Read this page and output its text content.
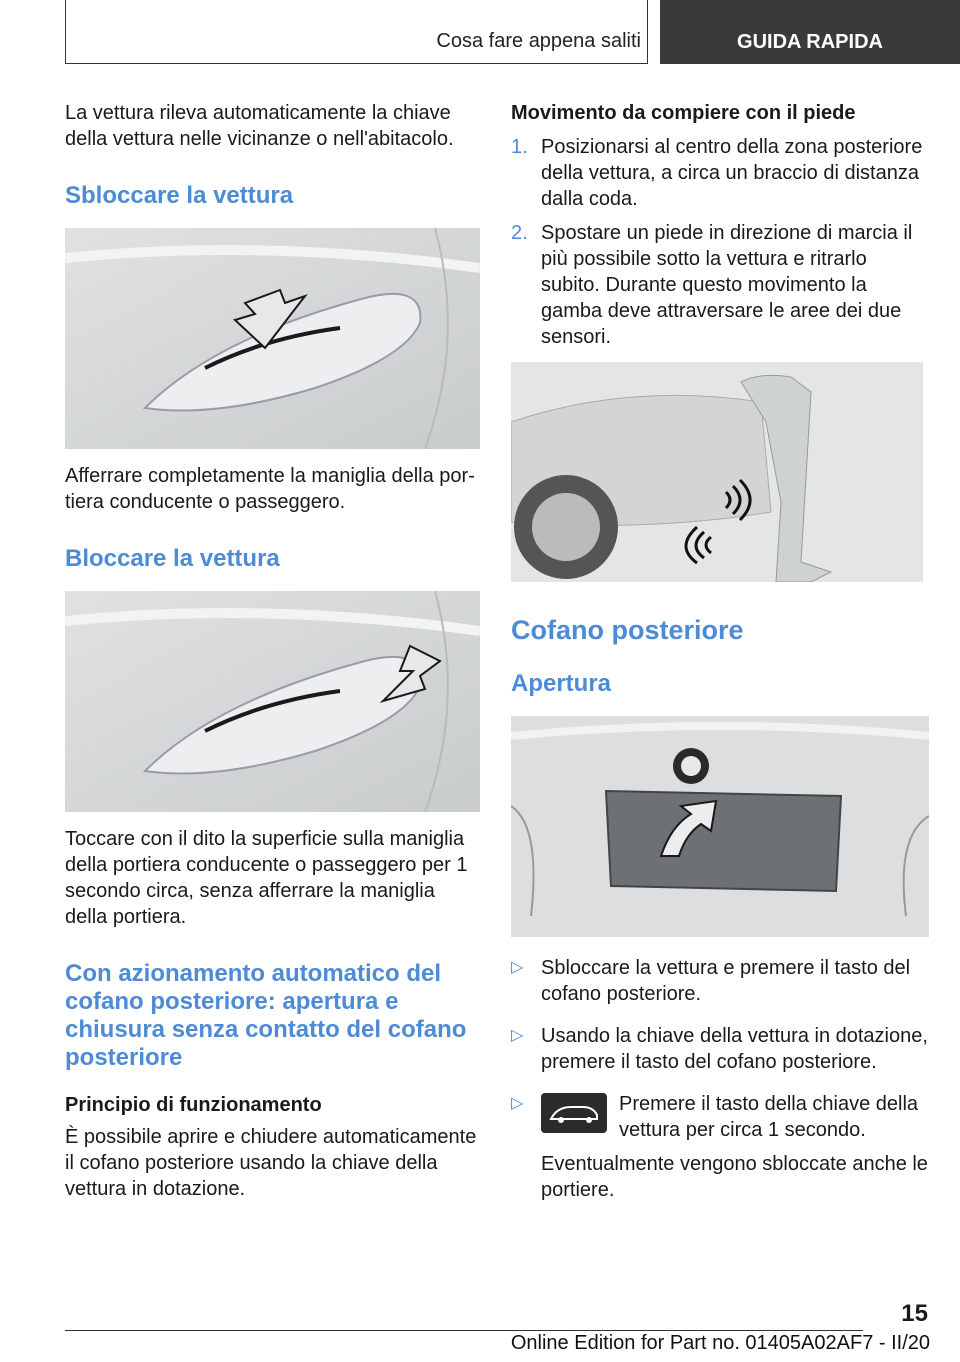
Cosa fare appena saliti	GUIDA RAPIDA

La vettura rileva automaticamente la chiave della vettura nelle vicinanze o nell'abitacolo.

Sbloccare la vettura

Afferrare completamente la maniglia della portiera conducente o passeggero.

Bloccare la vettura

Toccare con il dito la superficie sulla maniglia della portiera conducente o passeggero per 1 secondo circa, senza afferrare la maniglia della portiera.

Con azionamento automatico del cofano posteriore: apertura e chiusura senza contatto del cofano posteriore
Principio di funzionamento

È possibile aprire e chiudere automaticamente il cofano posteriore usando la chiave della vettura in dotazione.

Movimento da compiere con il piede
1. Posizionarsi al centro della zona posteriore della vettura, a circa un braccio di distanza dalla coda.
2. Spostare un piede in direzione di marcia il più possibile sotto la vettura e ritrarlo subito. Durante questo movimento la gamba deve attraversare le aree dei due sensori.
Cofano posteriore
Apertura
▷ Sbloccare la vettura e premere il tasto del cofano posteriore.
▷ Usando la chiave della vettura in dotazione, premere il tasto del cofano posteriore.
▷	Premere il tasto della chiave della vettura per circa 1 secondo.

Eventualmente vengono sbloccate anche le portiere.

15
Online Edition for Part no. 01405A02AF7 - II/20
